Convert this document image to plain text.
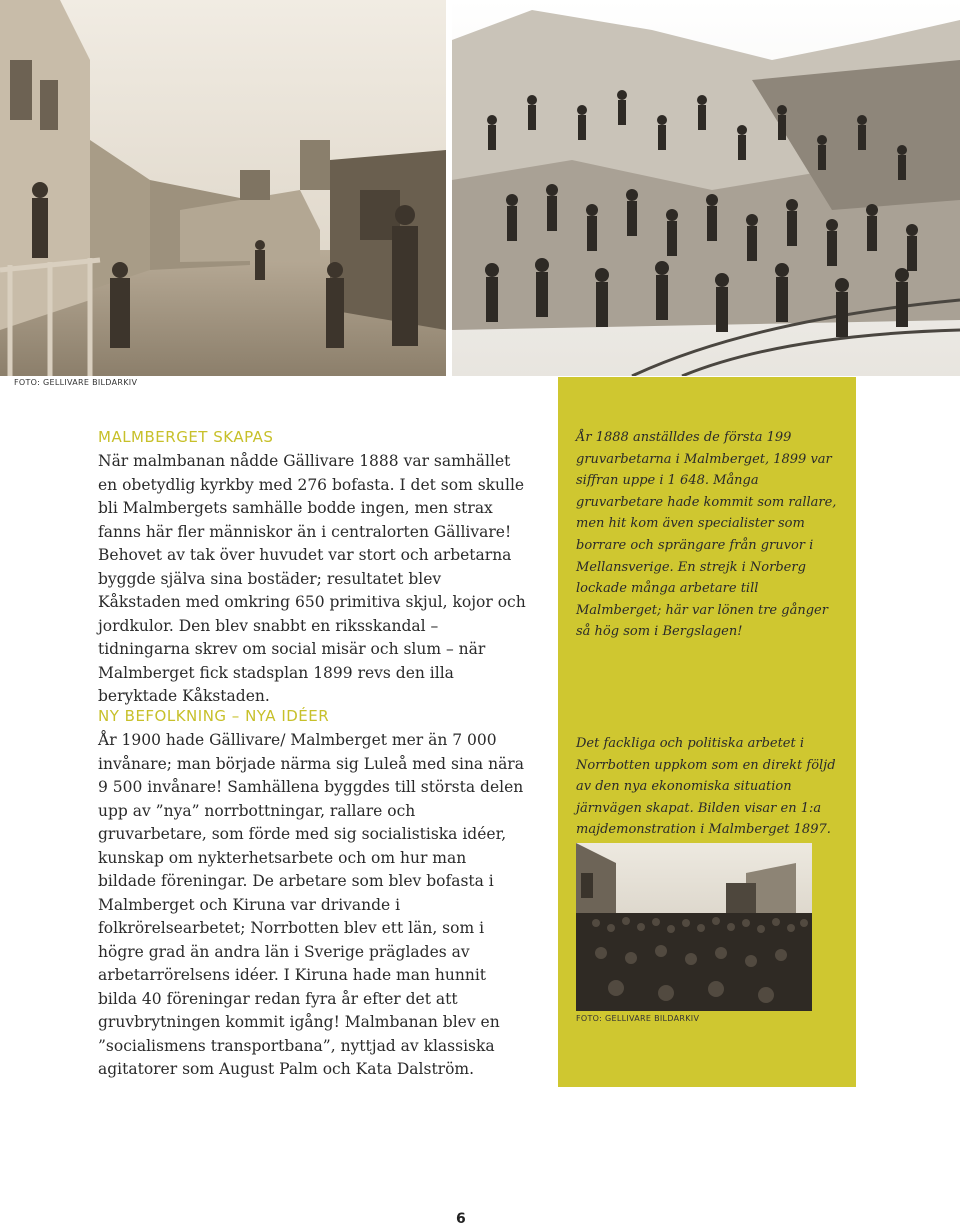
FOTO: GELLIVARE BILDARKIV
MALMBERGET SKAPAS

När malmbanan nådde Gällivare 1888 var samhället en obetydlig kyrkby med 276 bofasta. I det som skulle bli Malmbergets samhälle bodde ingen, men strax fanns här fler människor än i centralorten Gällivare! Behovet av tak över huvudet var stort och arbetarna byggde själva sina bostäder; resultatet blev Kåkstaden med omkring 650 primitiva skjul, kojor och jordkulor. Den blev snabbt en riksskandal – tidningarna skrev om social misär och slum – när Malmberget fick stadsplan 1899 revs den illa beryktade Kåkstaden.

NY BEFOLKNING – NYA IDÉER

År 1900 hade Gällivare/ Malmberget mer än 7 000 invånare; man började närma sig Luleå med sina nära 9 500 invånare! Samhällena byggdes till största delen upp av ”nya” norrbottningar, rallare och gruvarbetare, som förde med sig socialistiska idéer, kunskap om nykterhetsarbete och om hur man bildade föreningar. De arbetare som blev bofasta i Malmberget och Kiruna var drivande i folkrörelsearbetet; Norrbotten blev ett län, som i högre grad än andra län i Sverige präglades av arbetarrörelsens idéer. I Kiruna hade man hunnit bilda 40 föreningar redan fyra år efter det att gruvbrytningen kommit igång! Malmbanan blev en ”socialismens transportbana”, nyttjad av klassiska agitatorer som August Palm och Kata Dalström.

År 1888 anställdes de första 199 gruvarbetarna i Malmberget, 1899 var siffran uppe i 1 648. Många gruvarbetare hade kommit som rallare, men hit kom även specialister som borrare och sprängare från gruvor i Mellansverige. En strejk i Norberg lockade många arbetare till Malmberget; här var lönen tre gånger så hög som i Bergslagen!

Det fackliga och politiska arbetet i Norrbotten uppkom som en direkt följd av den nya ekonomiska situation järnvägen skapat. Bilden visar en 1:a majdemonstration i Malmberget 1897.

FOTO: GELLIVARE BILDARKIV
6
